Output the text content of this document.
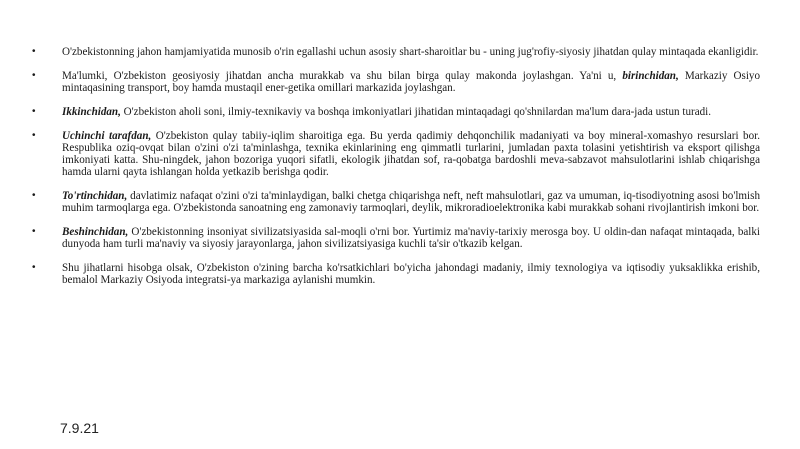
• O'zbekistonning jahon hamjamiyatida munosib o'rin egallashi uchun asosiy shart-sharoitlar bu - uning jug'rofiy-siyosiy jihatdan qulay mintaqada ekanligidir.
• Ma'lumki, O'zbekiston geosiyosiy jihatdan ancha murakkab va shu bilan birga qulay makonda joylashgan. Ya'ni u, birinchidan, Markaziy Osiyo mintaqasining transport, boy hamda mustaqil ener-getika omillari markazida joylashgan.
• Ikkinchidan, O'zbekiston aholi soni, ilmiy-texnikaviy va boshqa imkoniyatlari jihatidan mintaqadagi qo'shnilardan ma'lum dara-jada ustun turadi.
• Uchinchi tarafdan, O'zbekiston qulay tabiiy-iqlim sharoitiga ega. Bu yerda qadimiy dehqonchilik madaniyati va boy mineral-xomashyo resurslari bor. Respublika oziq-ovqat bilan o'zini o'zi ta'minlashga, texnika ekinlarining eng qimmatli turlarini, jumladan paxta tolasini yetishtirish va eksport qilishga imkoniyati katta. Shu-ningdek, jahon bozoriga yuqori sifatli, ekologik jihatdan sof, ra-qobatga bardoshli meva-sabzavot mahsulotlarini ishlab chiqarishga hamda ularni qayta ishlangan holda yetkazib berishga qodir.
• To'rtinchidan, davlatimiz nafaqat o'zini o'zi ta'minlaydigan, balki chetga chiqarishga neft, neft mahsulotlari, gaz va umuman, iq-tisodiyotning asosi bo'lmish muhim tarmoqlarga ega. O'zbekistonda sanoatning eng zamonaviy tarmoqlari, deylik, mikroradioelektronika kabi murakkab sohani rivojlantirish imkoni bor.
• Beshinchidan, O'zbekistonning insoniyat sivilizatsiyasida sal-moqli o'rni bor. Yurtimiz ma'naviy-tarixiy merosga boy. U oldin-dan nafaqat mintaqada, balki dunyoda ham turli ma'naviy va siyosiy jarayonlarga, jahon sivilizatsiyasiga kuchli ta'sir o'tkazib kelgan.
• Shu jihatlarni hisobga olsak, O'zbekiston o'zining barcha ko'rsatkichlari bo'yicha jahondagi madaniy, ilmiy texnologiya va iqtisodiy yuksaklikka erishib, bemalol Markaziy Osiyoda integratsi-ya markaziga aylanishi mumkin.
7.9.21
